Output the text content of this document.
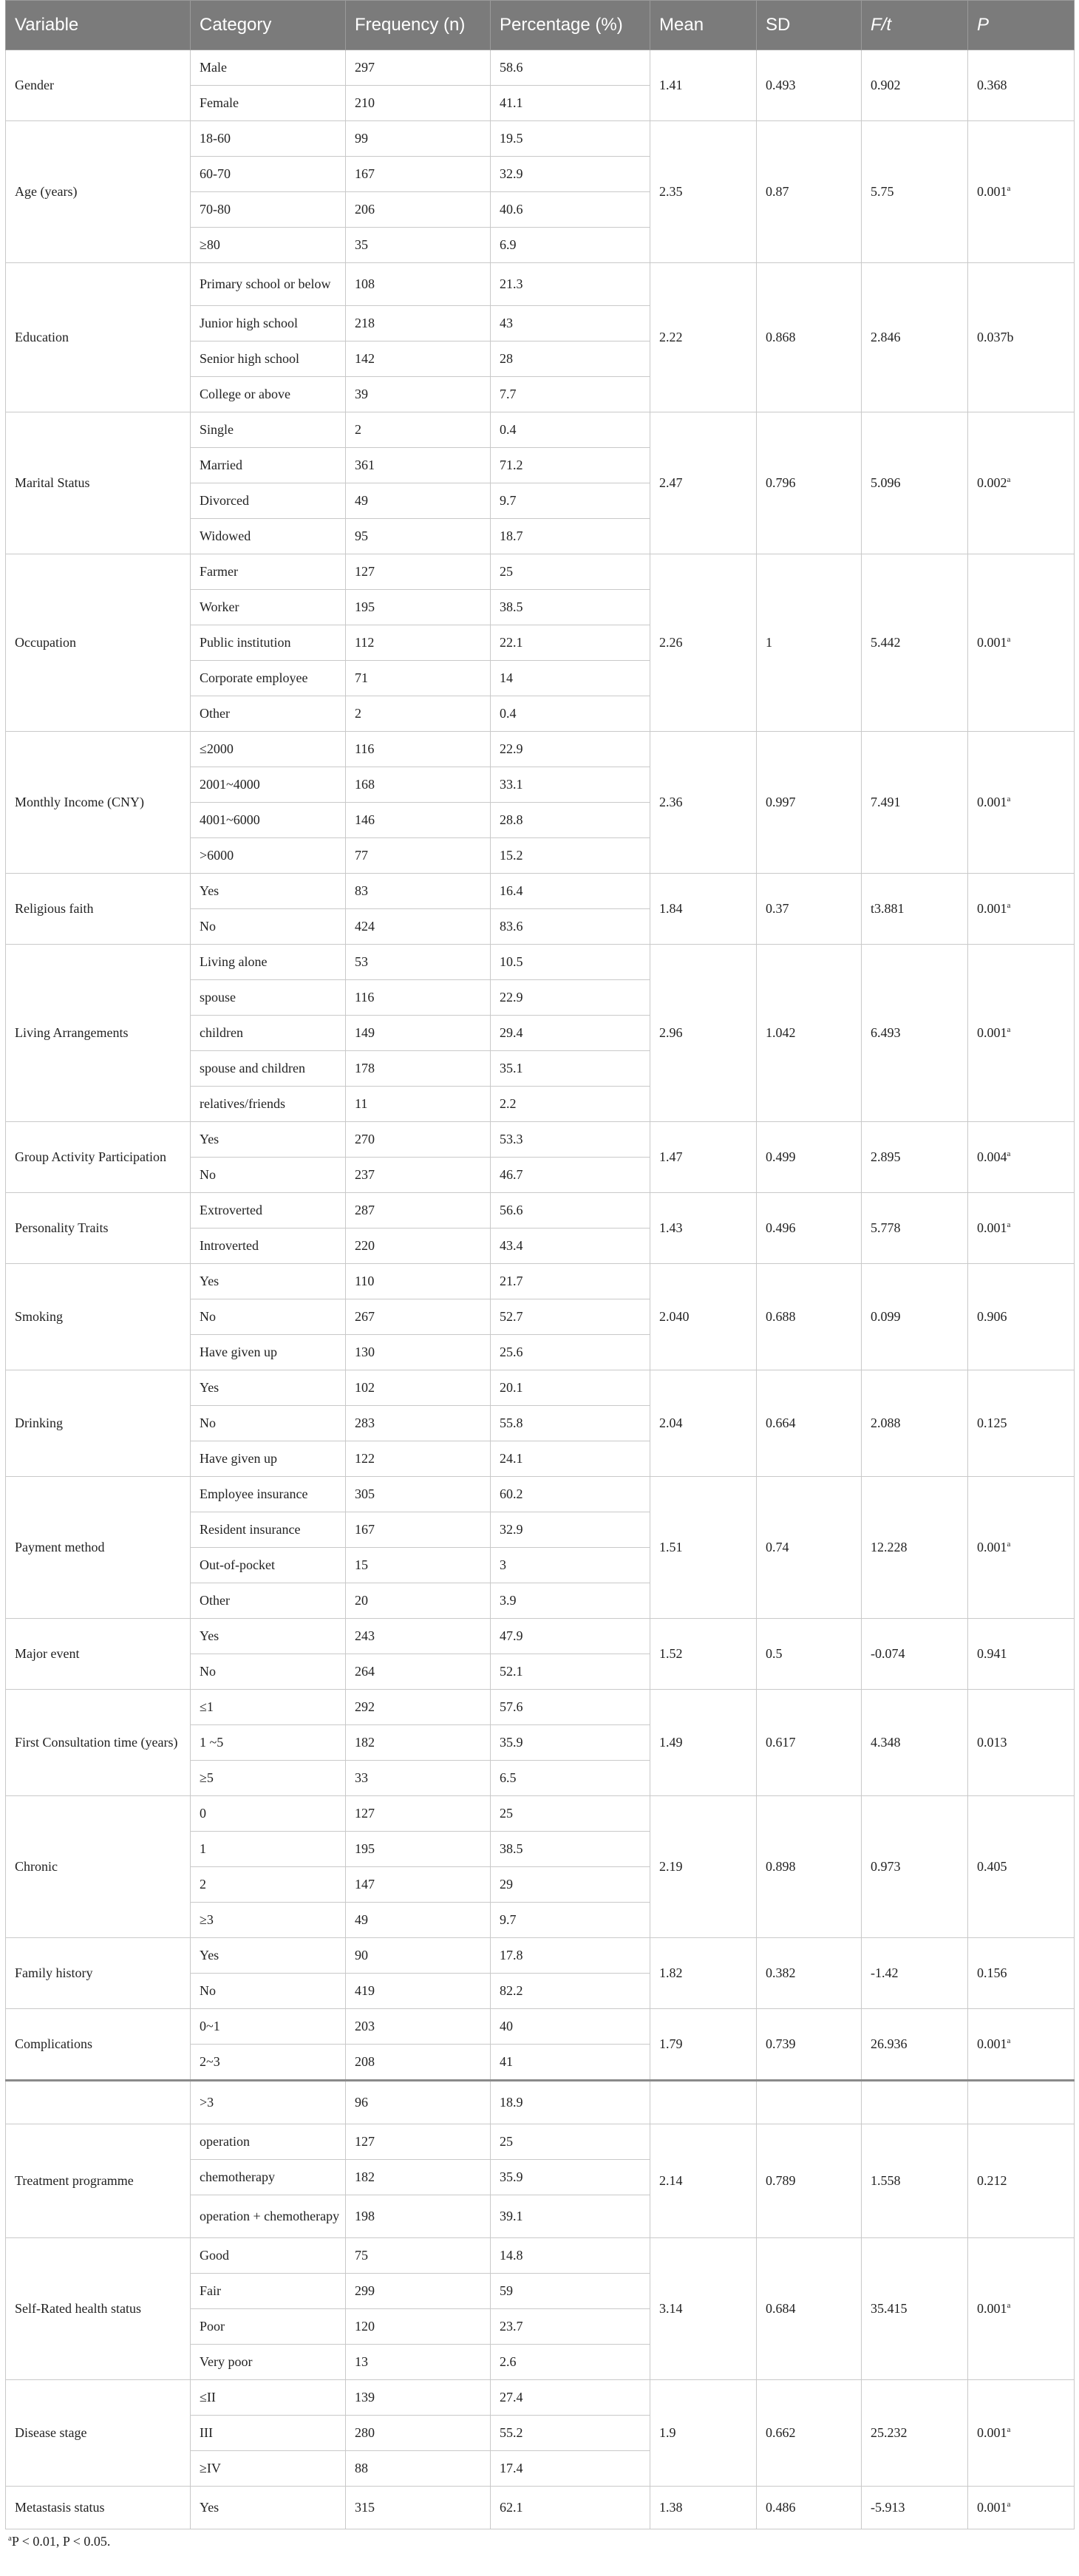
Variable	Category	Frequency (n)	Percentage (%)	Mean	SD	F/t	P
Gender	Male	297	58.6	1.41	0.493	0.902	0.368
	Female	210	41.1				
Age (years)	18-60	99	19.5	2.35	0.87	5.75	0.001$^a$
	60-70	167	32.9				
	70-80	206	40.6				
	≥80	35	6.9				
Education	Primary school or below	108	21.3	2.22	0.868	2.846	0.037b
	Junior high school	218	43				
	Senior high school	142	28				
	College or above	39	7.7				
Marital Status	Single	2	0.4	2.47	0.796	5.096	0.002$^a$
	Married	361	71.2				
	Divorced	49	9.7				
	Widowed	95	18.7				
Occupation	Farmer	127	25	2.26	1	5.442	0.001$^a$
	Worker	195	38.5				
	Public institution	112	22.1				
	Corporate employee	71	14				
	Other	2	0.4				
Monthly Income (CNY)	≤2000	116	22.9	2.36	0.997	7.491	0.001$^a$
	2001~4000	168	33.1				
	4001~6000	146	28.8				
	>6000	77	15.2				
Religious faith	Yes	83	16.4	1.84	0.37	t3.881	0.001$^a$
	No	424	83.6				
Living Arrangements	Living alone	53	10.5	2.96	1.042	6.493	0.001$^a$
	spouse	116	22.9				
	children	149	29.4				
	spouse and children	178	35.1				
	relatives/friends	11	2.2				
Group Activity Participation	Yes	270	53.3	1.47	0.499	2.895	0.004$^a$
	No	237	46.7				
Personality Traits	Extroverted	287	56.6	1.43	0.496	5.778	0.001$^a$
	Introverted	220	43.4				
Smoking	Yes	110	21.7	2.040	0.688	0.099	0.906
	No	267	52.7				
	Have given up	130	25.6				
Drinking	Yes	102	20.1	2.04	0.664	2.088	0.125
	No	283	55.8				
	Have given up	122	24.1				
Payment method	Employee insurance	305	60.2	1.51	0.74	12.228	0.001$^a$
	Resident insurance	167	32.9				
	Out-of-pocket	15	3				
	Other	20	3.9				
Major event	Yes	243	47.9	1.52	0.5	-0.074	0.941
	No	264	52.1				
First Consultation time (years)	≤1	292	57.6	1.49	0.617	4.348	0.013
	1 ~5	182	35.9				
	≥5	33	6.5				
Chronic	0	127	25	2.19	0.898	0.973	0.405
	1	195	38.5				
	2	147	29				
	≥3	49	9.7				
Family history	Yes	90	17.8	1.82	0.382	-1.42	0.156
	No	419	82.2				
Complications	0~1	203	40	1.79	0.739	26.936	0.001$^a$
	2~3	208	41				
	>3	96	18.9				
Treatment programme	operation	127	25	2.14	0.789	1.558	0.212
	chemotherapy	182	35.9				
	operation + chemotherapy	198	39.1				
Self-Rated health status	Good	75	14.8	3.14	0.684	35.415	0.001$^a$
	Fair	299	59				
	Poor	120	23.7				
	Very poor	13	2.6				
Disease stage	≤II	139	27.4	1.9	0.662	25.232	0.001$^a$
	III	280	55.2				
	≥IV	88	17.4				
Metastasis status	Yes	315	62.1	1.38	0.486	-5.913	0.001$^a$
$^a$P < 0.01, P < 0.05.
